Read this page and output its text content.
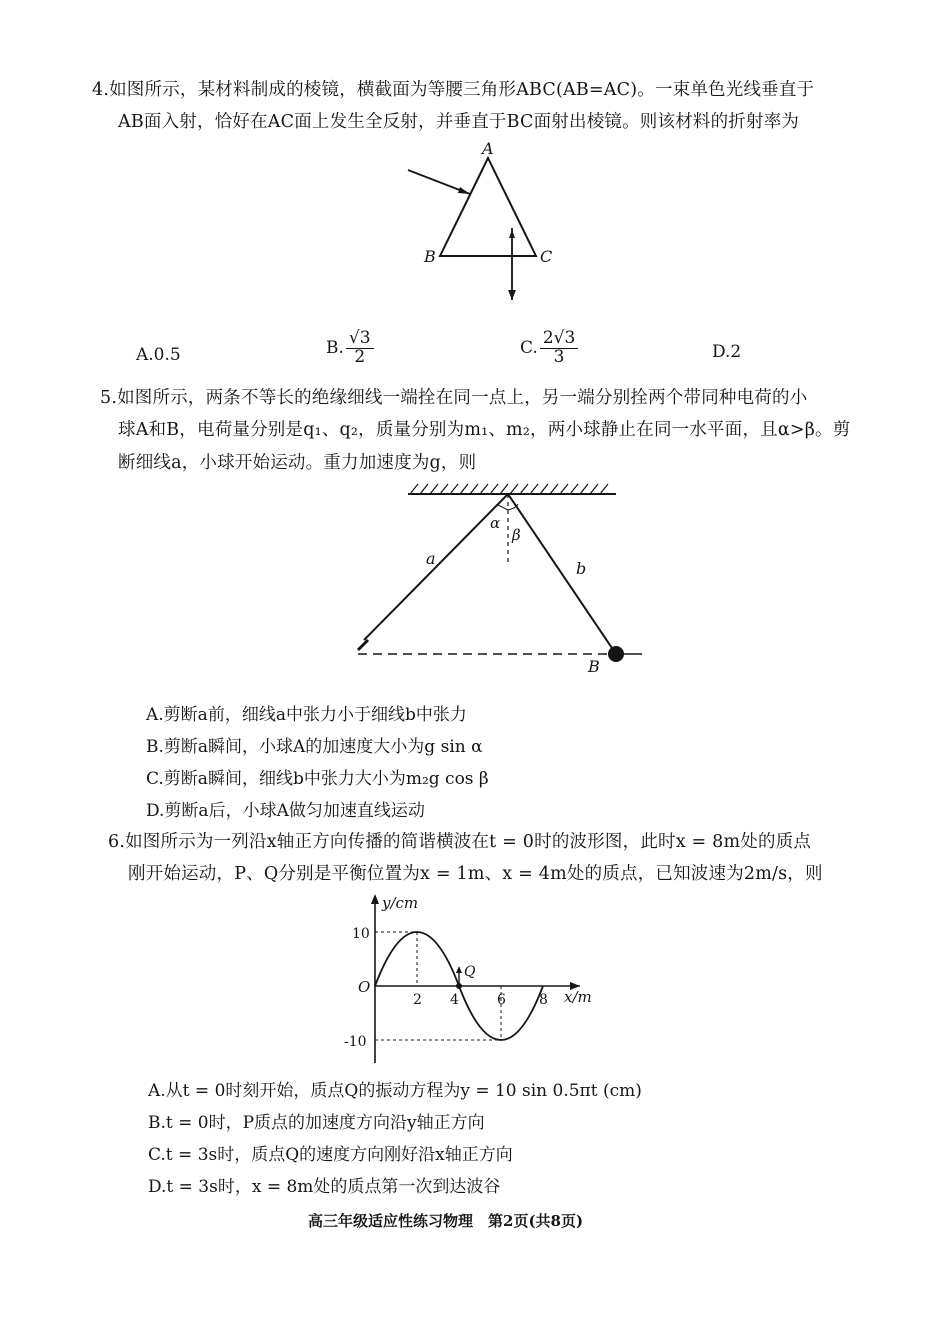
4.如图所示，某材料制成的棱镜，横截面为等腰三角形ABC(AB=AC)。一束单色光线垂直于
AB面入射，恰好在AC面上发生全反射，并垂直于BC面射出棱镜。则该材料的折射率为
A
B	C
A.0.5	B. $\frac{√3}{2}$	C. $\frac{2√3}{3}$	D.2
5.如图所示，两条不等长的绝缘细线一端拴在同一点上，另一端分别拴两个带同种电荷的小
球A和B，电荷量分别是q₁、q₂，质量分别为m₁、m₂，两小球静止在同一水平面，且α>β。剪
断细线a，小球开始运动。重力加速度为g，则
α
β
a
b
B
A.剪断a前，细线a中张力小于细线b中张力
B.剪断a瞬间，小球A的加速度大小为g sin α
C.剪断a瞬间，细线b中张力大小为m₂g cos β
D.剪断a后，小球A做匀加速直线运动
6.如图所示为一列沿x轴正方向传播的简谐横波在t = 0时的波形图，此时x = 8m处的质点
刚开始运动，P、Q分别是平衡位置为x = 1m、x = 4m处的质点，已知波速为2m/s，则
y/cm
x/m
O
Q
10
-10
2 4	6 8
A.从t = 0时刻开始，质点Q的振动方程为y = 10 sin 0.5πt (cm)
B.t = 0时，P质点的加速度方向沿y轴正方向
C.t = 3s时，质点Q的速度方向刚好沿x轴正方向
D.t = 3s时，x = 8m处的质点第一次到达波谷
高三年级适应性练习物理　第2页(共8页)
